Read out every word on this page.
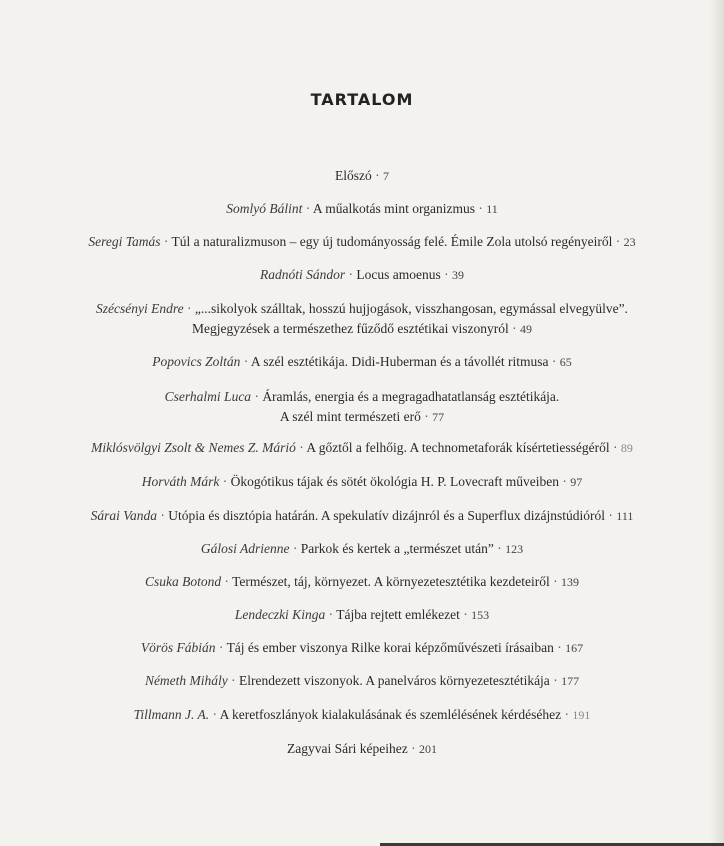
TARTALOM
Előszó · 7
Somlyó Bálint · A műalkotás mint organizmus · 11
Seregi Tamás · Túl a naturalizmuson – egy új tudományosság felé. Émile Zola utolsó regényeiről · 23
Radnóti Sándor · Locus amoenus · 39
Szécsényi Endre · „...sikolyok szálltak, hosszú hujjogások, visszhangosan, egymással elvegyülve”.
Megjegyzések a természethez fűződő esztétikai viszonyról · 49
Popovics Zoltán · A szél esztétikája. Didi-Huberman és a távollét ritmusa · 65
Cserhalmi Luca · Áramlás, energia és a megragadhatatlanság esztétikája.
A szél mint természeti erő · 77
Miklósvölgyi Zsolt & Nemes Z. Márió · A gőztől a felhőig. A technometaforák kísértetiességéről · 89
Horváth Márk · Ökogótikus tájak és sötét ökológia H. P. Lovecraft műveiben · 97
Sárai Vanda · Utópia és disztópia határán. A spekulatív dizájnról és a Superflux dizájnstúdióról · 111
Gálosi Adrienne · Parkok és kertek a „természet után” · 123
Csuka Botond · Természet, táj, környezet. A környezetesztétika kezdeteiről · 139
Lendeczki Kinga · Tájba rejtett emlékezet · 153
Vörös Fábián · Táj és ember viszonya Rilke korai képzőművészeti írásaiban · 167
Németh Mihály · Elrendezett viszonyok. A panelváros környezetesztétikája · 177
Tillmann J. A. · A keretfoszlányok kialakulásának és szemlélésének kérdéséhez · 191
Zagyvai Sári képeihez · 201
